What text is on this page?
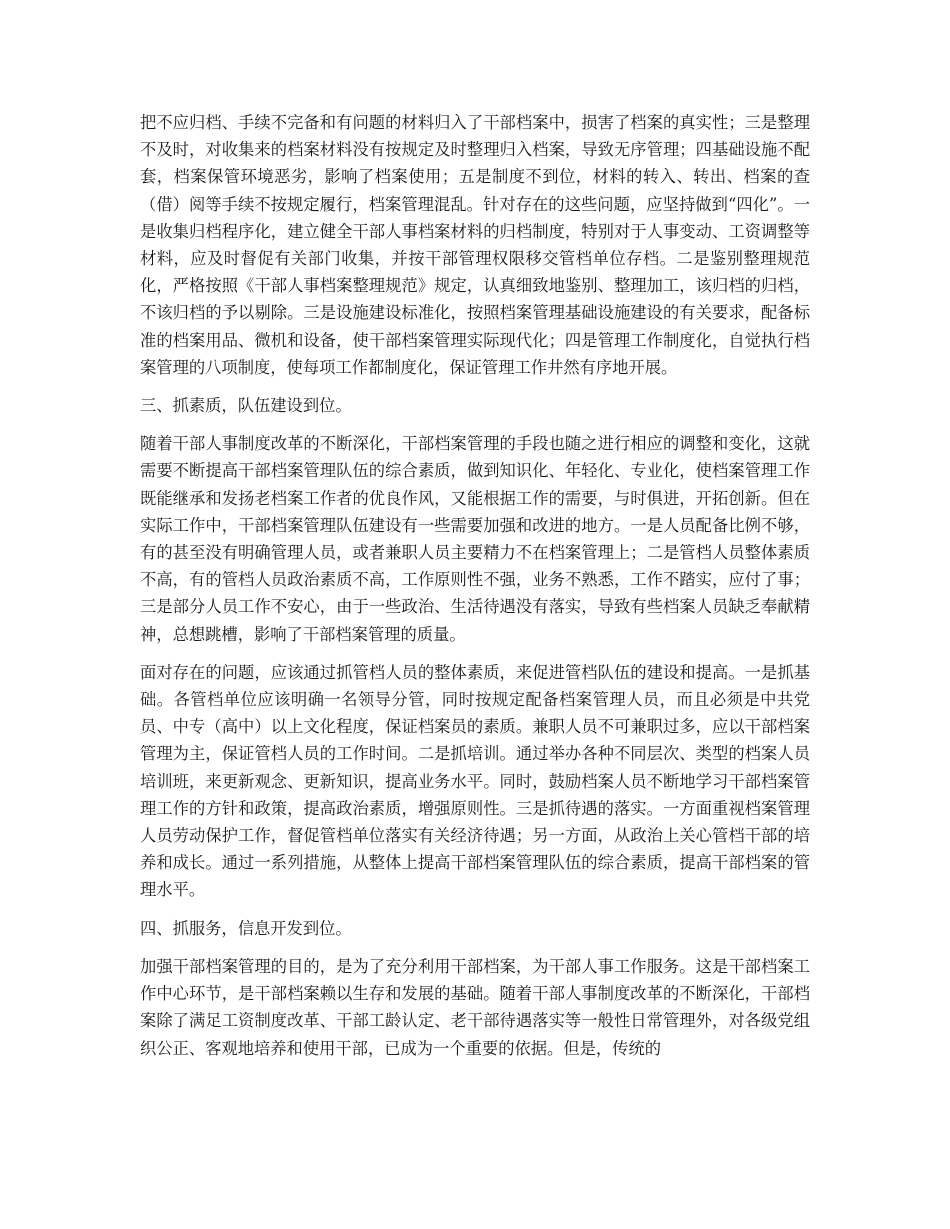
把不应归档、手续不完备和有问题的材料归入了干部档案中，损害了档案的真实性；三是整理不及时，对收集来的档案材料没有按规定及时整理归入档案，导致无序管理；四基础设施不配套，档案保管环境恶劣，影响了档案使用；五是制度不到位，材料的转入、转出、档案的查（借）阅等手续不按规定履行，档案管理混乱。针对存在的这些问题，应坚持做到“四化”。一是收集归档程序化，建立健全干部人事档案材料的归档制度，特别对于人事变动、工资调整等材料，应及时督促有关部门收集，并按干部管理权限移交管档单位存档。二是鉴别整理规范化，严格按照《干部人事档案整理规范》规定，认真细致地鉴别、整理加工，该归档的归档，不该归档的予以剔除。三是设施建设标准化，按照档案管理基础设施建设的有关要求，配备标准的档案用品、微机和设备，使干部档案管理实际现代化；四是管理工作制度化，自觉执行档案管理的八项制度，使每项工作都制度化，保证管理工作井然有序地开展。

三、抓素质，队伍建设到位。

随着干部人事制度改革的不断深化，干部档案管理的手段也随之进行相应的调整和变化，这就需要不断提高干部档案管理队伍的综合素质，做到知识化、年轻化、专业化，使档案管理工作既能继承和发扬老档案工作者的优良作风，又能根据工作的需要，与时俱进，开拓创新。但在实际工作中，干部档案管理队伍建设有一些需要加强和改进的地方。一是人员配备比例不够，有的甚至没有明确管理人员，或者兼职人员主要精力不在档案管理上；二是管档人员整体素质不高，有的管档人员政治素质不高，工作原则性不强，业务不熟悉，工作不踏实，应付了事；三是部分人员工作不安心，由于一些政治、生活待遇没有落实，导致有些档案人员缺乏奉献精神，总想跳槽，影响了干部档案管理的质量。

面对存在的问题，应该通过抓管档人员的整体素质，来促进管档队伍的建设和提高。一是抓基础。各管档单位应该明确一名领导分管，同时按规定配备档案管理人员，而且必须是中共党员、中专（高中）以上文化程度，保证档案员的素质。兼职人员不可兼职过多，应以干部档案管理为主，保证管档人员的工作时间。二是抓培训。通过举办各种不同层次、类型的档案人员培训班，来更新观念、更新知识，提高业务水平。同时，鼓励档案人员不断地学习干部档案管理工作的方针和政策，提高政治素质，增强原则性。三是抓待遇的落实。一方面重视档案管理人员劳动保护工作，督促管档单位落实有关经济待遇；另一方面，从政治上关心管档干部的培养和成长。通过一系列措施，从整体上提高干部档案管理队伍的综合素质，提高干部档案的管理水平。

四、抓服务，信息开发到位。

加强干部档案管理的目的，是为了充分利用干部档案，为干部人事工作服务。这是干部档案工作中心环节，是干部档案赖以生存和发展的基础。随着干部人事制度改革的不断深化，干部档案除了满足工资制度改革、干部工龄认定、老干部待遇落实等一般性日常管理外，对各级党组织公正、客观地培养和使用干部，已成为一个重要的依据。但是，传统的
